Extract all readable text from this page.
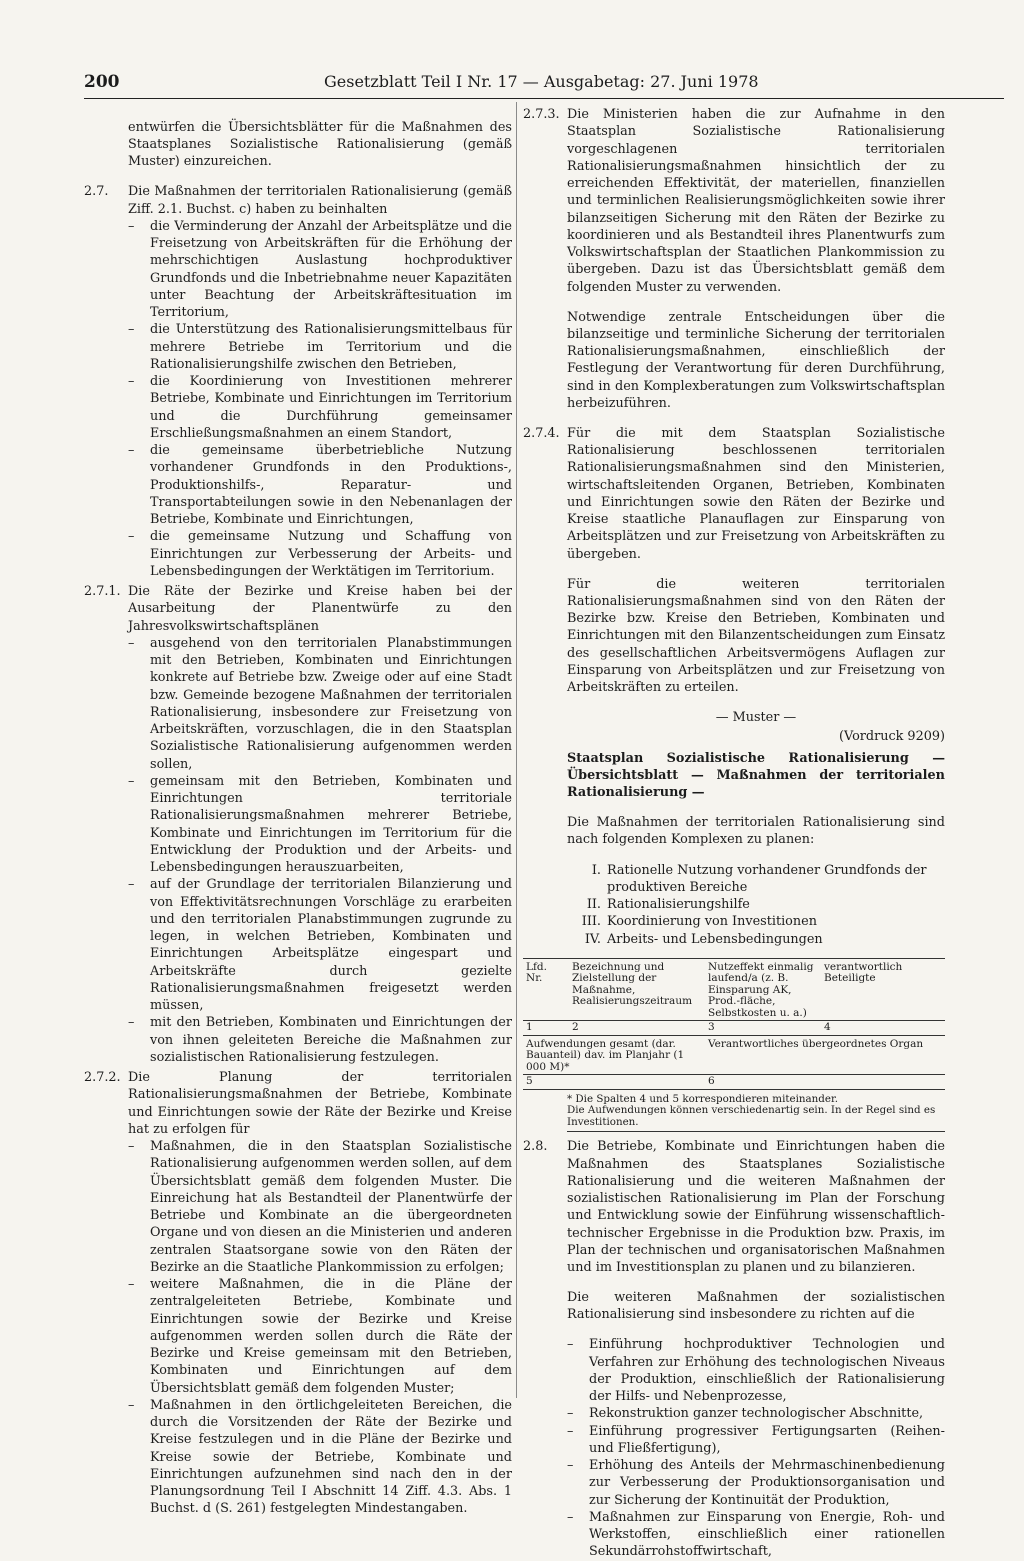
200	Gesetzblatt Teil I Nr. 17 — Ausgabetag: 27. Juni 1978

entwürfen die Übersichtsblätter für die Maßnahmen des Staatsplanes Sozialistische Rationalisierung (gemäß Muster) einzureichen.

2.7.	Die Maßnahmen der territorialen Rationalisierung (gemäß Ziff. 2.1. Buchst. c) haben zu beinhalten
–	die Verminderung der Anzahl der Arbeitsplätze und die Freisetzung von Arbeitskräften für die Erhöhung der mehrschichtigen Auslastung hochproduktiver Grundfonds und die Inbetriebnahme neuer Kapazitäten unter Beachtung der Arbeitskräftesituation im Territorium,
–	die Unterstützung des Rationalisierungsmittelbaus für mehrere Betriebe im Territorium und die Rationalisierungshilfe zwischen den Betrieben,
–	die Koordinierung von Investitionen mehrerer Betriebe, Kombinate und Einrichtungen im Territorium und die Durchführung gemeinsamer Erschließungsmaßnahmen an einem Standort,
–	die gemeinsame überbetriebliche Nutzung vorhandener Grundfonds in den Produktions-, Produktionshilfs-, Reparatur- und Transportabteilungen sowie in den Nebenanlagen der Betriebe, Kombinate und Einrichtungen,
–	die gemeinsame Nutzung und Schaffung von Einrichtungen zur Verbesserung der Arbeits- und Lebensbedingungen der Werktätigen im Territorium.
2.7.1. Die Räte der Bezirke und Kreise haben bei der Ausarbeitung der Planentwürfe zu den Jahresvolkswirtschaftsplänen
–	ausgehend von den territorialen Planabstimmungen mit den Betrieben, Kombinaten und Einrichtungen konkrete auf Betriebe bzw. Zweige oder auf eine Stadt bzw. Gemeinde bezogene Maßnahmen der territorialen Rationalisierung, insbesondere zur Freisetzung von Arbeitskräften, vorzuschlagen, die in den Staatsplan Sozialistische Rationalisierung aufgenommen werden sollen,
–	gemeinsam mit den Betrieben, Kombinaten und Einrichtungen territoriale Rationalisierungsmaßnahmen mehrerer Betriebe, Kombinate und Einrichtungen im Territorium für die Entwicklung der Produktion und der Arbeits- und Lebensbedingungen herauszuarbeiten,
–	auf der Grundlage der territorialen Bilanzierung und von Effektivitätsrechnungen Vorschläge zu erarbeiten und den territorialen Planabstimmungen zugrunde zu legen, in welchen Betrieben, Kombinaten und Einrichtungen Arbeitsplätze eingespart und Arbeitskräfte durch gezielte Rationalisierungsmaßnahmen freigesetzt werden müssen,
–	mit den Betrieben, Kombinaten und Einrichtungen der von ihnen geleiteten Bereiche die Maßnahmen zur sozialistischen Rationalisierung festzulegen.
2.7.2. Die Planung der territorialen Rationalisierungsmaßnahmen der Betriebe, Kombinate und Einrichtungen sowie der Räte der Bezirke und Kreise hat zu erfolgen für
–	Maßnahmen, die in den Staatsplan Sozialistische Rationalisierung aufgenommen werden sollen, auf dem Übersichtsblatt gemäß dem folgenden Muster. Die Einreichung hat als Bestandteil der Planentwürfe der Betriebe und Kombinate an die übergeordneten Organe und von diesen an die Ministerien und anderen zentralen Staatsorgane sowie von den Räten der Bezirke an die Staatliche Plankommission zu erfolgen;
–	weitere Maßnahmen, die in die Pläne der zentralgeleiteten Betriebe, Kombinate und Einrichtungen sowie der Bezirke und Kreise aufgenommen werden sollen durch die Räte der Bezirke und Kreise gemeinsam mit den Betrieben, Kombinaten und Einrichtungen auf dem Übersichtsblatt gemäß dem folgenden Muster;
–	Maßnahmen in den örtlichgeleiteten Bereichen, die durch die Vorsitzenden der Räte der Bezirke und Kreise festzulegen und in die Pläne der Bezirke und Kreise sowie der Betriebe, Kombinate und Einrichtungen aufzunehmen sind nach den in der Planungsordnung Teil I Abschnitt 14 Ziff. 4.3. Abs. 1 Buchst. d (S. 261) festgelegten Mindestangaben.
2.7.3. Die Ministerien haben die zur Aufnahme in den Staatsplan Sozialistische Rationalisierung vorgeschlagenen territorialen Rationalisierungsmaßnahmen hinsichtlich der zu erreichenden Effektivität, der materiellen, finanziellen und terminlichen Realisierungsmöglichkeiten sowie ihrer bilanzseitigen Sicherung mit den Räten der Bezirke zu koordinieren und als Bestandteil ihres Planentwurfs zum Volkswirtschaftsplan der Staatlichen Plankommission zu übergeben. Dazu ist das Übersichtsblatt gemäß dem folgenden Muster zu verwenden.

Notwendige zentrale Entscheidungen über die bilanzseitige und terminliche Sicherung der territorialen Rationalisierungsmaßnahmen, einschließlich der Festlegung der Verantwortung für deren Durchführung, sind in den Komplexberatungen zum Volkswirtschaftsplan herbeizuführen.

2.7.4. Für die mit dem Staatsplan Sozialistische Rationalisierung beschlossenen territorialen Rationalisierungsmaßnahmen sind den Ministerien, wirtschaftsleitenden Organen, Betrieben, Kombinaten und Einrichtungen sowie den Räten der Bezirke und Kreise staatliche Planauflagen zur Einsparung von Arbeitsplätzen und zur Freisetzung von Arbeitskräften zu übergeben.

Für die weiteren territorialen Rationalisierungsmaßnahmen sind von den Räten der Bezirke bzw. Kreise den Betrieben, Kombinaten und Einrichtungen mit den Bilanzentscheidungen zum Einsatz des gesellschaftlichen Arbeitsvermögens Auflagen zur Einsparung von Arbeitsplätzen und zur Freisetzung von Arbeitskräften zu erteilen.

— Muster —

(Vordruck 9209)

Staatsplan Sozialistische Rationalisierung — Übersichtsblatt — Maßnahmen der territorialen Rationalisierung —

Die Maßnahmen der territorialen Rationalisierung sind nach folgenden Komplexen zu planen:

I. Rationelle Nutzung vorhandener Grundfonds der produktiven Bereiche
II. Rationalisierungshilfe
III. Koordinierung von Investitionen
IV. Arbeits- und Lebensbedingungen
Lfd. Nr.	Bezeichnung und Zielstellung der Maßnahme, Realisierungszeitraum	Nutzeffekt einmalig laufend/a (z. B. Einsparung AK, Prod.-fläche, Selbstkosten u. a.)	verantwortlich Beteiligte
1	2	3	4
Aufwendungen gesamt (dar. Bauanteil) dav. im Planjahr (1 000 M)*		Verantwortliches übergeordnetes Organ	
5		6	
* Die Spalten 4 und 5 korrespondieren miteinander.
Die Aufwendungen können verschiedenartig sein. In der Regel sind es Investitionen.
2.8.	Die Betriebe, Kombinate und Einrichtungen haben die Maßnahmen des Staatsplanes Sozialistische Rationalisierung und die weiteren Maßnahmen der sozialistischen Rationalisierung im Plan der Forschung und Entwicklung sowie der Einführung wissenschaftlich-technischer Ergebnisse in die Produktion bzw. Praxis, im Plan der technischen und organisatorischen Maßnahmen und im Investitionsplan zu planen und zu bilanzieren.

Die weiteren Maßnahmen der sozialistischen Rationalisierung sind insbesondere zu richten auf die

–	Einführung hochproduktiver Technologien und Verfahren zur Erhöhung des technologischen Niveaus der Produktion, einschließlich der Rationalisierung der Hilfs- und Nebenprozesse,
–	Rekonstruktion ganzer technologischer Abschnitte,
–	Einführung progressiver Fertigungsarten (Reihen- und Fließfertigung),
–	Erhöhung des Anteils der Mehrmaschinenbedienung zur Verbesserung der Produktionsorganisation und zur Sicherung der Kontinuität der Produktion,
–	Maßnahmen zur Einsparung von Energie, Roh- und Werkstoffen, einschließlich einer rationellen Sekundärrohstoffwirtschaft,
